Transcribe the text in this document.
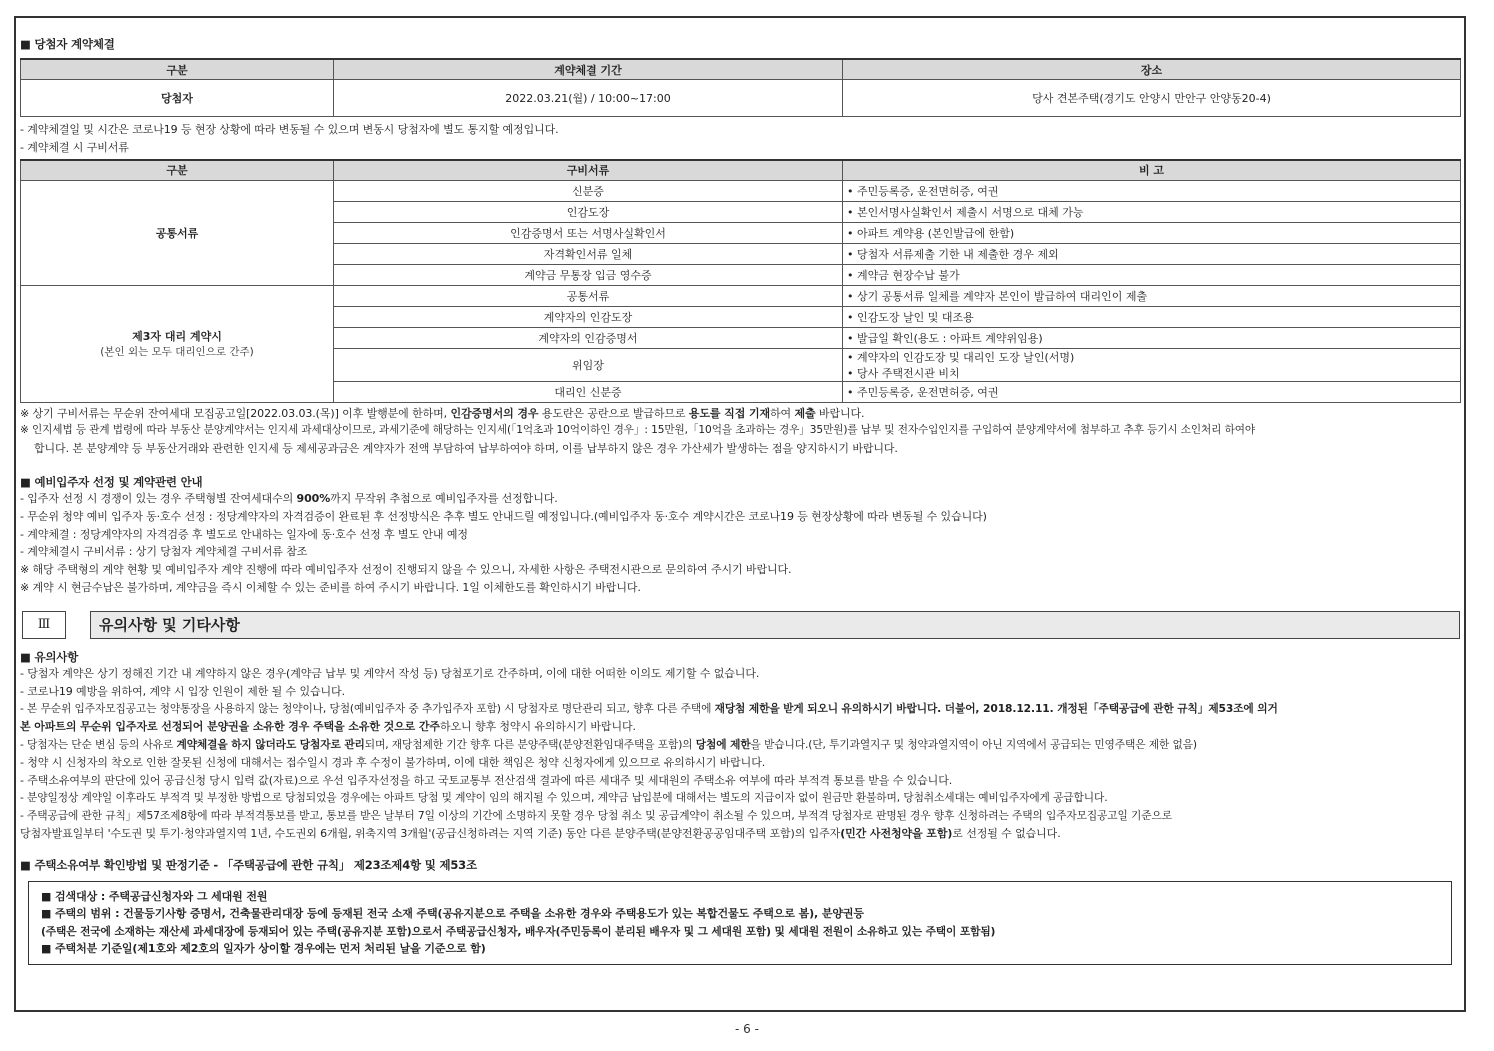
■ 당첨자 계약체결
구분	계약체결 기간	장소
당첨자	2022.03.21(월) / 10:00~17:00	당사 견본주택(경기도 안양시 만안구 안양동20-4)
- 계약체결일 및 시간은 코로나19 등 현장 상황에 따라 변동될 수 있으며 변동시 당첨자에 별도 통지할 예정입니다.
- 계약체결 시 구비서류
구분	구비서류	비 고
공통서류	신분증	• 주민등록증, 운전면허증, 여권
	인감도장	• 본인서명사실확인서 제출시 서명으로 대체 가능
	인감증명서 또는 서명사실확인서	• 아파트 계약용 (본인발급에 한함)
	자격확인서류 일체	• 당첨자 서류제출 기한 내 제출한 경우 제외
	계약금 무통장 입금 영수증	• 계약금 현장수납 불가

제3자 대리 계약시
(본인 외는 모두 대리인으로 간주)	공통서류	• 상기 공통서류 일체를 계약자 본인이 발급하여 대리인이 제출
	계약자의 인감도장	• 인감도장 날인 및 대조용
	계약자의 인감증명서	• 발급일 확인(용도 : 아파트 계약위임용)
	위임장	• 계약자의 인감도장 및 대리인 도장 날인(서명)
• 당사 주택전시관 비치

	대리인 신분증	• 주민등록증, 운전면허증, 여권
※ 상기 구비서류는 무순위 잔여세대 모집공고일[2022.03.03.(목)] 이후 발행분에 한하며, 인감증명서의 경우 용도란은 공란으로 발급하므로 용도를 직접 기재하여 제출 바랍니다.
※ 인지세법 등 관계 법령에 따라 부동산 분양계약서는 인지세 과세대상이므로, 과세기준에 해당하는 인지세(「1억초과 10억이하인 경우」: 15만원,「10억을 초과하는 경우」35만원)를 납부 및 전자수입인지를 구입하여 분양계약서에 첨부하고 추후 등기시 소인처리 하여야
합니다. 본 분양계약 등 부동산거래와 관련한 인지세 등 제세공과금은 계약자가 전액 부담하여 납부하여야 하며, 이를 납부하지 않은 경우 가산세가 발생하는 점을 양지하시기 바랍니다.
■ 예비입주자 선정 및 계약관련 안내
- 입주자 선정 시 경쟁이 있는 경우 주택형별 잔여세대수의 900%까지 무작위 추첨으로 예비입주자를 선정합니다.
- 무순위 청약 예비 입주자 동·호수 선정 : 정당계약자의 자격검증이 완료된 후 선정방식은 추후 별도 안내드릴 예정입니다.(예비입주자 동·호수 계약시간은 코로나19 등 현장상황에 따라 변동될 수 있습니다)
- 계약체결 : 정당계약자의 자격검증 후 별도로 안내하는 일자에 동·호수 선정 후 별도 안내 예정
- 계약체결시 구비서류 : 상기 당첨자 계약체결 구비서류 참조
※ 해당 주택형의 계약 현황 및 예비입주자 계약 진행에 따라 예비입주자 선정이 진행되지 않을 수 있으니, 자세한 사항은 주택전시관으로 문의하여 주시기 바랍니다.
※ 계약 시 현금수납은 불가하며, 계약금을 즉시 이체할 수 있는 준비를 하여 주시기 바랍니다. 1일 이체한도를 확인하시기 바랍니다.
Ⅲ	유의사항 및 기타사항
■ 유의사항
- 당첨자 계약은 상기 정해진 기간 내 계약하지 않은 경우(계약금 납부 및 계약서 작성 등) 당첨포기로 간주하며, 이에 대한 어떠한 이의도 제기할 수 없습니다.
- 코로나19 예방을 위하여, 계약 시 입장 인원이 제한 될 수 있습니다.
- 본 무순위 입주자모집공고는 청약통장을 사용하지 않는 청약이나, 당첨(예비입주자 중 추가입주자 포함) 시 당첨자로 명단관리 되고, 향후 다른 주택에 재당첨 제한을 받게 되오니 유의하시기 바랍니다. 더불어, 2018.12.11. 개정된「주택공급에 관한 규칙」제53조에 의거
본 아파트의 무순위 입주자로 선정되어 분양권을 소유한 경우 주택을 소유한 것으로 간주하오니 향후 청약시 유의하시기 바랍니다.
- 당첨자는 단순 변심 등의 사유로 계약체결을 하지 않더라도 당첨자로 관리되며, 재당첨제한 기간 향후 다른 분양주택(분양전환임대주택을 포함)의 당첨에 제한을 받습니다.(단, 투기과열지구 및 청약과열지역이 아닌 지역에서 공급되는 민영주택은 제한 없음)
- 청약 시 신청자의 착오로 인한 잘못된 신청에 대해서는 접수일시 경과 후 수정이 불가하며, 이에 대한 책임은 청약 신청자에게 있으므로 유의하시기 바랍니다.
- 주택소유여부의 판단에 있어 공급신청 당시 입력 값(자료)으로 우선 입주자선정을 하고 국토교통부 전산검색 결과에 따른 세대주 및 세대원의 주택소유 여부에 따라 부적격 통보를 받을 수 있습니다.
- 분양일정상 계약일 이후라도 부적격 및 부정한 방법으로 당첨되었을 경우에는 아파트 당첨 및 계약이 임의 해지될 수 있으며, 계약금 납입분에 대해서는 별도의 지급이자 없이 원금만 환불하며, 당첨취소세대는 예비입주자에게 공급합니다.
- 주택공급에 관한 규칙」제57조제8항에 따라 부적격통보를 받고, 통보를 받은 날부터 7일 이상의 기간에 소명하지 못할 경우 당첨 취소 및 공급계약이 취소될 수 있으며, 부적격 당첨자로 판명된 경우 향후 신청하려는 주택의 입주자모집공고일 기준으로
당첨자발표일부터 '수도권 및 투기·청약과열지역 1년, 수도권외 6개월, 위축지역 3개월'(공급신청하려는 지역 기준) 동안 다른 분양주택(분양전환공공임대주택 포함)의 입주자(민간 사전청약을 포함)로 선정될 수 없습니다.
■ 주택소유여부 확인방법 및 판정기준 - 「주택공급에 관한 규칙」 제23조제4항 및 제53조
■ 검색대상 : 주택공급신청자와 그 세대원 전원
■ 주택의 범위 : 건물등기사항 증명서, 건축물관리대장 등에 등재된 전국 소재 주택(공유지분으로 주택을 소유한 경우와 주택용도가 있는 복합건물도 주택으로 봄), 분양권등
(주택은 전국에 소재하는 재산세 과세대장에 등재되어 있는 주택(공유지분 포함)으로서 주택공급신청자, 배우자(주민등록이 분리된 배우자 및 그 세대원 포함) 및 세대원 전원이 소유하고 있는 주택이 포함됨)
■ 주택처분 기준일(제1호와 제2호의 일자가 상이할 경우에는 먼저 처리된 날을 기준으로 함)
- 6 -
